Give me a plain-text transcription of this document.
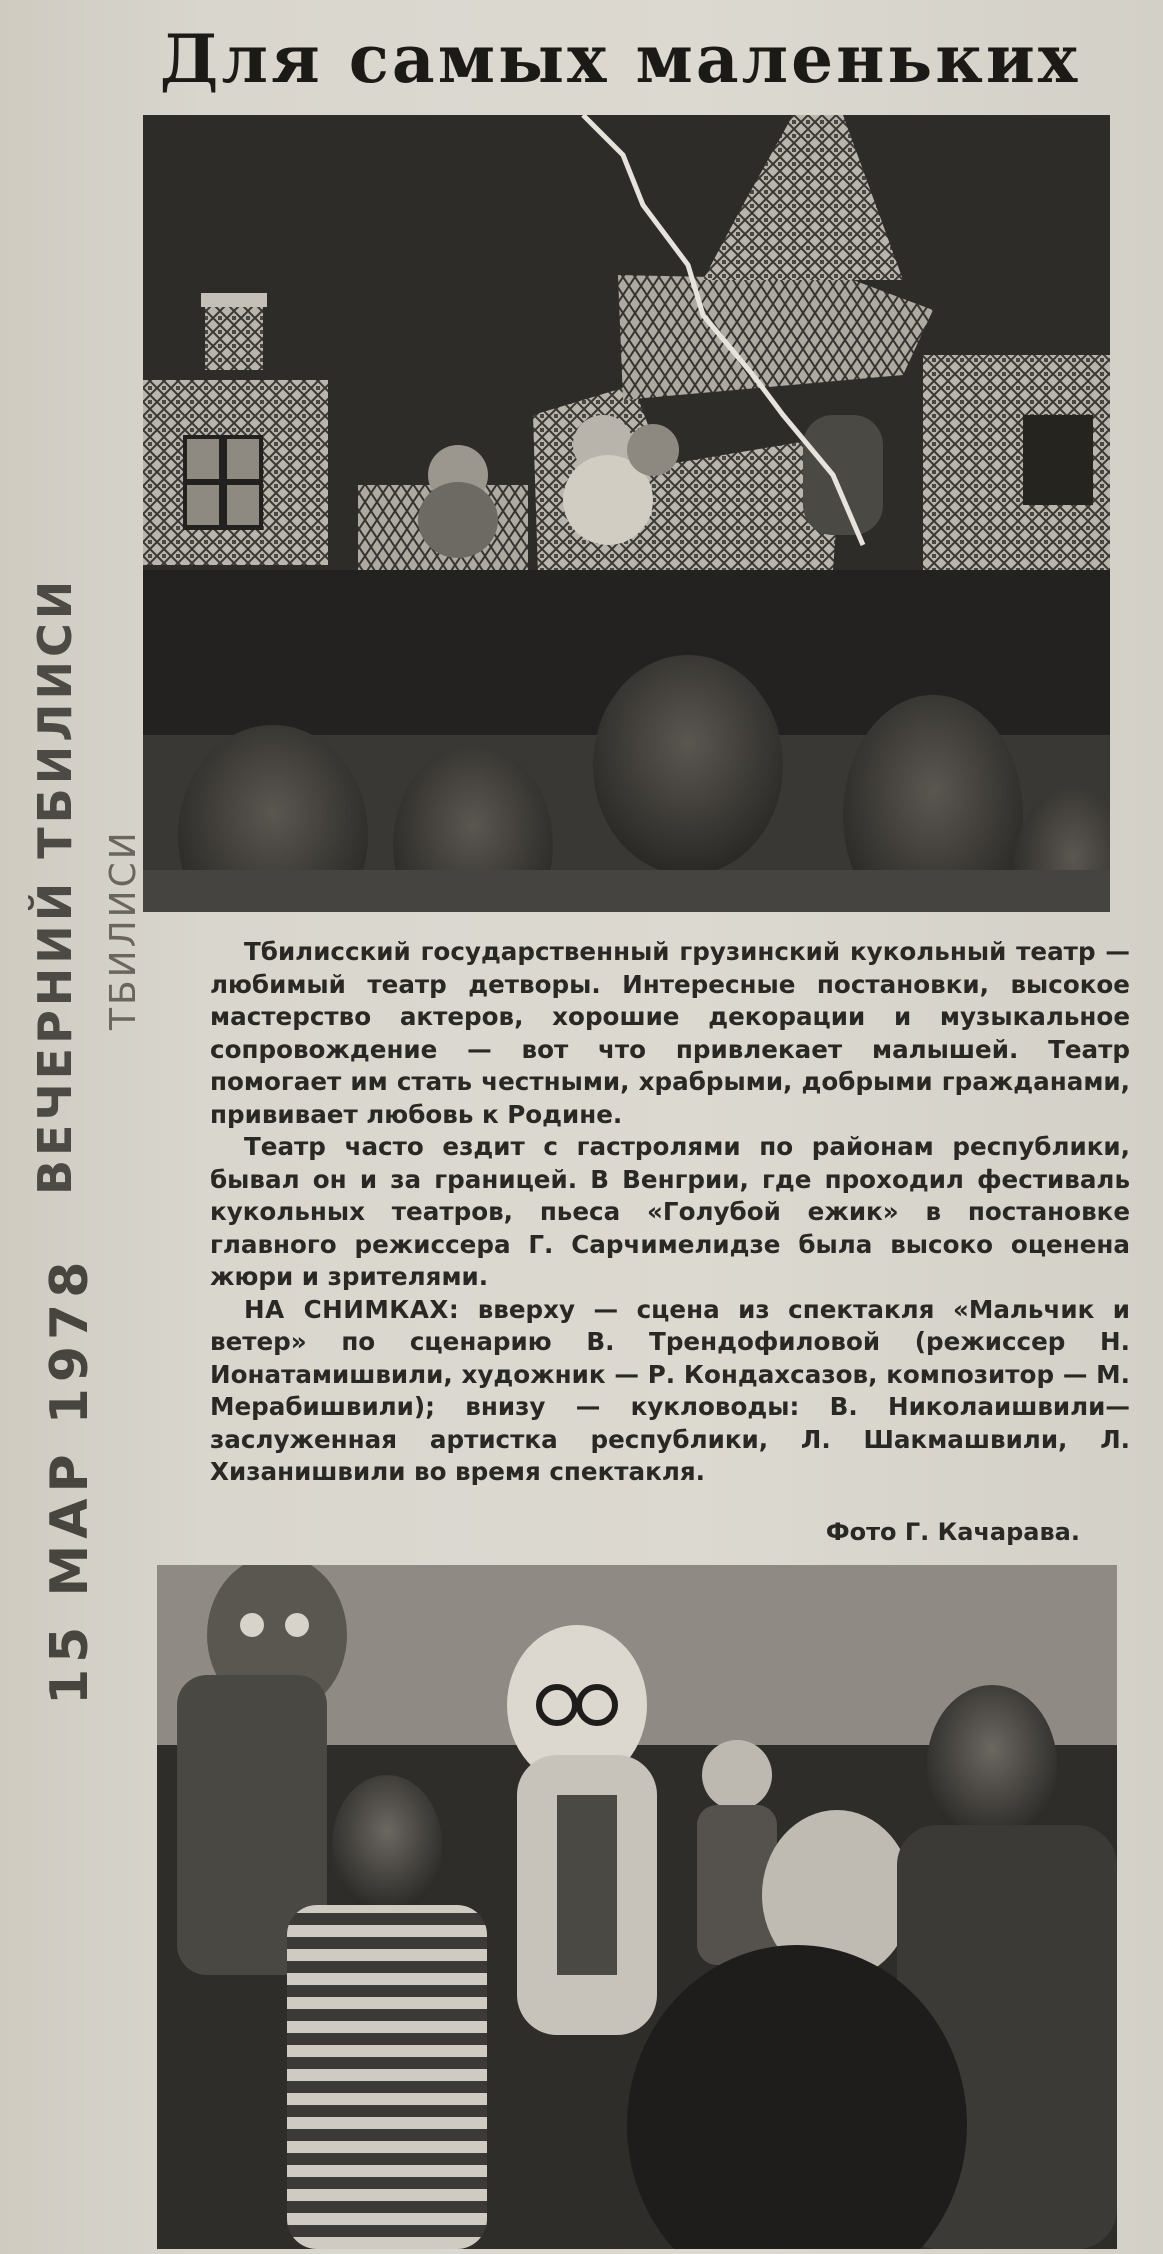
Для самых маленьких
ВЕЧЕРНИЙ ТБИЛИСИ ТБИЛИСИ
15 МАР 1978

Тбилисский государственный грузинский кукольный театр — любимый театр детворы. Интересные постановки, высокое мастерство актеров, хорошие декорации и музыкальное сопровождение — вот что привлекает малышей. Театр помогает им стать честными, храбрыми, добрыми гражданами, прививает любовь к Родине.

Театр часто ездит с гастролями по районам республики, бывал он и за границей. В Венгрии, где проходил фестиваль кукольных театров, пьеса «Голубой ежик» в постановке главного режиссера Г. Сарчимелидзе была высоко оценена жюри и зрителями.

НА СНИМКАХ: вверху — сцена из спектакля «Мальчик и ветер» по сценарию В. Трендофиловой (режиссер Н. Ионатамишвили, художник — Р. Кондахсазов, композитор — М. Мерабишвили); внизу — кукловоды: В. Николаишвили—заслуженная артистка республики, Л. Шакмашвили, Л. Хизанишвили во время спектакля.

Фото Г. Качарава.
